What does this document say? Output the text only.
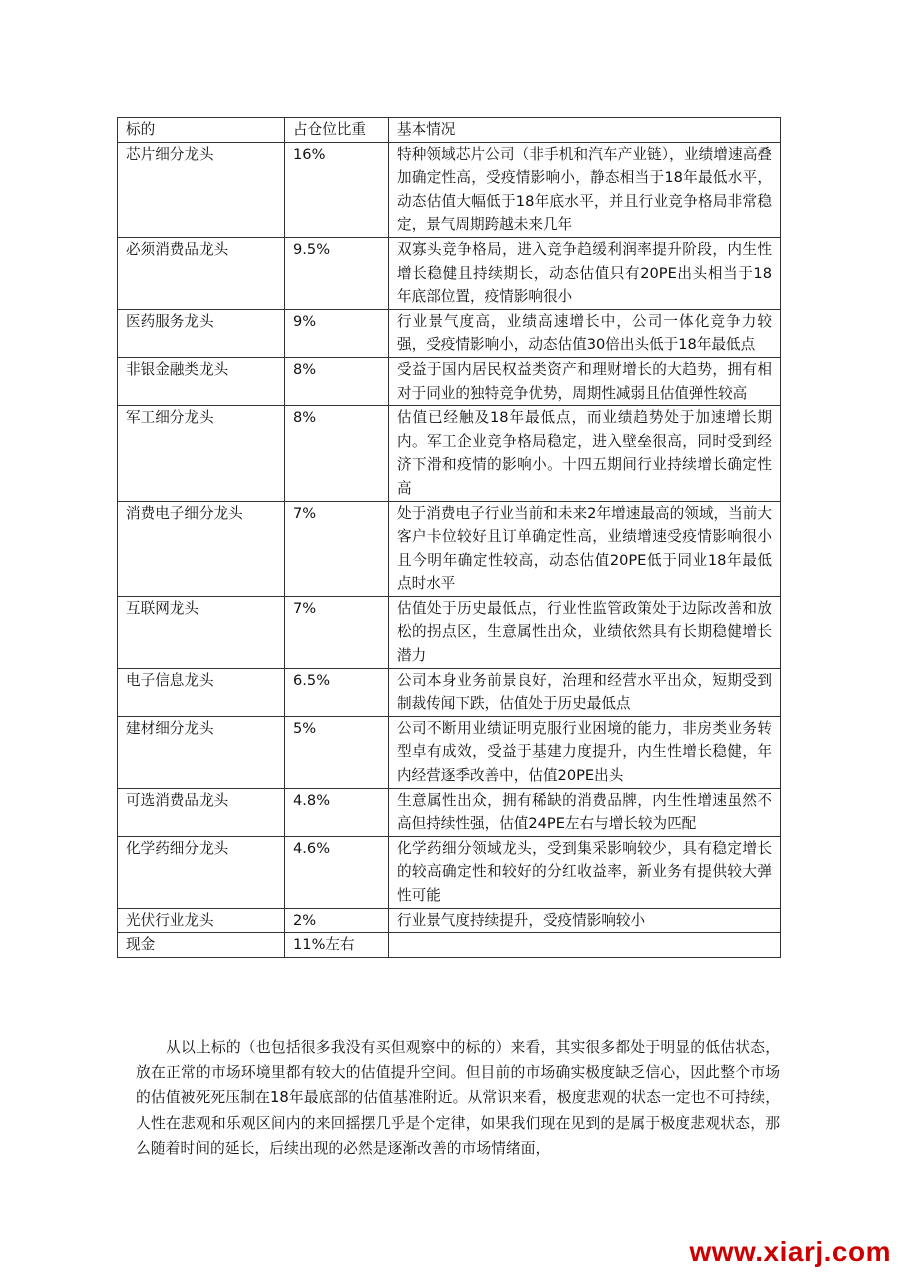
标的	占仓位比重	基本情况
芯片细分龙头	16%	特种领域芯片公司（非手机和汽车产业链），业绩增速高叠加确定性高，受疫情影响小，静态相当于18年最低水平，动态估值大幅低于18年底水平，并且行业竞争格局非常稳定，景气周期跨越未来几年
必须消费品龙头	9.5%	双寡头竞争格局，进入竞争趋缓利润率提升阶段，内生性增长稳健且持续期长，动态估值只有20PE出头相当于18年底部位置，疫情影响很小
医药服务龙头	9%	行业景气度高，业绩高速增长中，公司一体化竞争力较强，受疫情影响小，动态估值30倍出头低于18年最低点
非银金融类龙头	8%	受益于国内居民权益类资产和理财增长的大趋势，拥有相对于同业的独特竞争优势，周期性减弱且估值弹性较高
军工细分龙头	8%	估值已经触及18年最低点，而业绩趋势处于加速增长期内。军工企业竞争格局稳定，进入壁垒很高，同时受到经济下滑和疫情的影响小。十四五期间行业持续增长确定性高
消费电子细分龙头	7%	处于消费电子行业当前和未来2年增速最高的领域，当前大客户卡位较好且订单确定性高，业绩增速受疫情影响很小且今明年确定性较高，动态估值20PE低于同业18年最低点时水平
互联网龙头	7%	估值处于历史最低点，行业性监管政策处于边际改善和放松的拐点区，生意属性出众，业绩依然具有长期稳健增长潜力
电子信息龙头	6.5%	公司本身业务前景良好，治理和经营水平出众，短期受到制裁传闻下跌，估值处于历史最低点
建材细分龙头	5%	公司不断用业绩证明克服行业困境的能力，非房类业务转型卓有成效，受益于基建力度提升，内生性增长稳健，年内经营逐季改善中，估值20PE出头
可选消费品龙头	4.8%	生意属性出众，拥有稀缺的消费品牌，内生性增速虽然不高但持续性强，估值24PE左右与增长较为匹配
化学药细分龙头	4.6%	化学药细分领域龙头，受到集采影响较少，具有稳定增长的较高确定性和较好的分红收益率，新业务有提供较大弹性可能
光伏行业龙头	2%	行业景气度持续提升，受疫情影响较小
现金	11%左右	

从以上标的（也包括很多我没有买但观察中的标的）来看，其实很多都处于明显的低估状态，放在正常的市场环境里都有较大的估值提升空间。但目前的市场确实极度缺乏信心，因此整个市场的估值被死死压制在18年最底部的估值基准附近。从常识来看，极度悲观的状态一定也不可持续，人性在悲观和乐观区间内的来回摇摆几乎是个定律，如果我们现在见到的是属于极度悲观状态，那么随着时间的延长，后续出现的必然是逐渐改善的市场情绪面，

www.xiarj.com
